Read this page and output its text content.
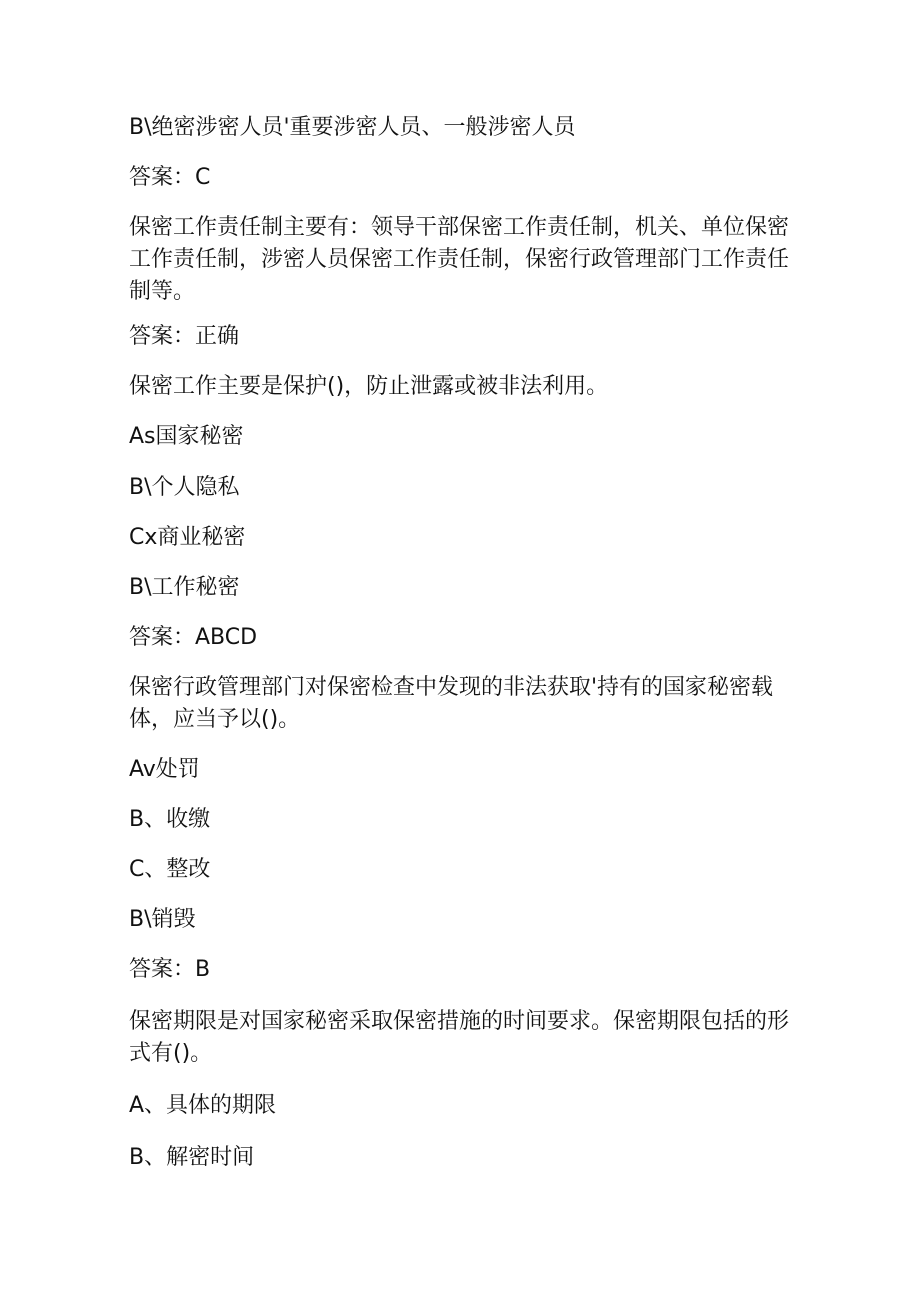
B\绝密涉密人员'重要涉密人员、一般涉密人员
答案：C
保密工作责任制主要有：领导干部保密工作责任制，机关、单位保密
工作责任制，涉密人员保密工作责任制，保密行政管理部门工作责任
制等。
答案：正确
保密工作主要是保护()，防止泄露或被非法利用。
As国家秘密
B\个人隐私
Cx商业秘密
B\工作秘密
答案：ABCD
保密行政管理部门对保密检查中发现的非法获取'持有的国家秘密载
体，应当予以()。
Av处罚
B、收缴
C、整改
B\销毁
答案：B
保密期限是对国家秘密采取保密措施的时间要求。保密期限包括的形
式有()。
A、具体的期限
B、解密时间
